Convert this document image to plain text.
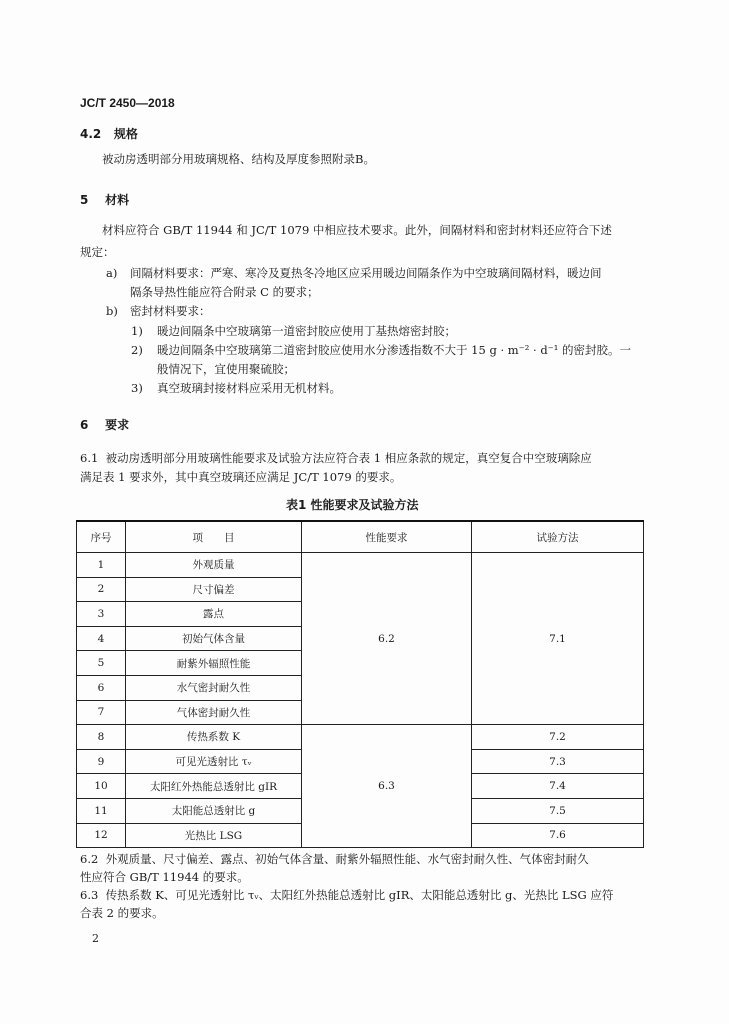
JC/T 2450—2018
4.2 规格
被动房透明部分用玻璃规格、结构及厚度参照附录B。
5 材料
材料应符合 GB/T 11944 和 JC/T 1079 中相应技术要求。此外，间隔材料和密封材料还应符合下述
规定：
a) 间隔材料要求：严寒、寒冷及夏热冬冷地区应采用暖边间隔条作为中空玻璃间隔材料，暖边间
隔条导热性能应符合附录 C 的要求；
b) 密封材料要求：
1) 暖边间隔条中空玻璃第一道密封胶应使用丁基热熔密封胶；
2) 暖边间隔条中空玻璃第二道密封胶应使用水分渗透指数不大于 15 g · m⁻² · d⁻¹ 的密封胶。一
般情况下，宜使用聚硫胶；
3) 真空玻璃封接材料应采用无机材料。
6 要求
6.1 被动房透明部分用玻璃性能要求及试验方法应符合表 1 相应条款的规定，真空复合中空玻璃除应
满足表 1 要求外，其中真空玻璃还应满足 JC/T 1079 的要求。
表1 性能要求及试验方法
序号	项　　目	性能要求	试验方法
1	外观质量	6.2	7.1
2	尺寸偏差		
3	露点		
4	初始气体含量		
5	耐紫外辐照性能		
6	水气密封耐久性		
7	气体密封耐久性		
8	传热系数 K	6.3	7.2
9	可见光透射比 τᵥ		7.3
10	太阳红外热能总透射比 gIR		7.4
11	太阳能总透射比 g		7.5
12	光热比 LSG		7.6
6.2 外观质量、尺寸偏差、露点、初始气体含量、耐紫外辐照性能、水气密封耐久性、气体密封耐久
性应符合 GB/T 11944 的要求。
6.3 传热系数 K、可见光透射比 τᵥ、太阳红外热能总透射比 gIR、太阳能总透射比 g、光热比 LSG 应符
合表 2 的要求。
2
